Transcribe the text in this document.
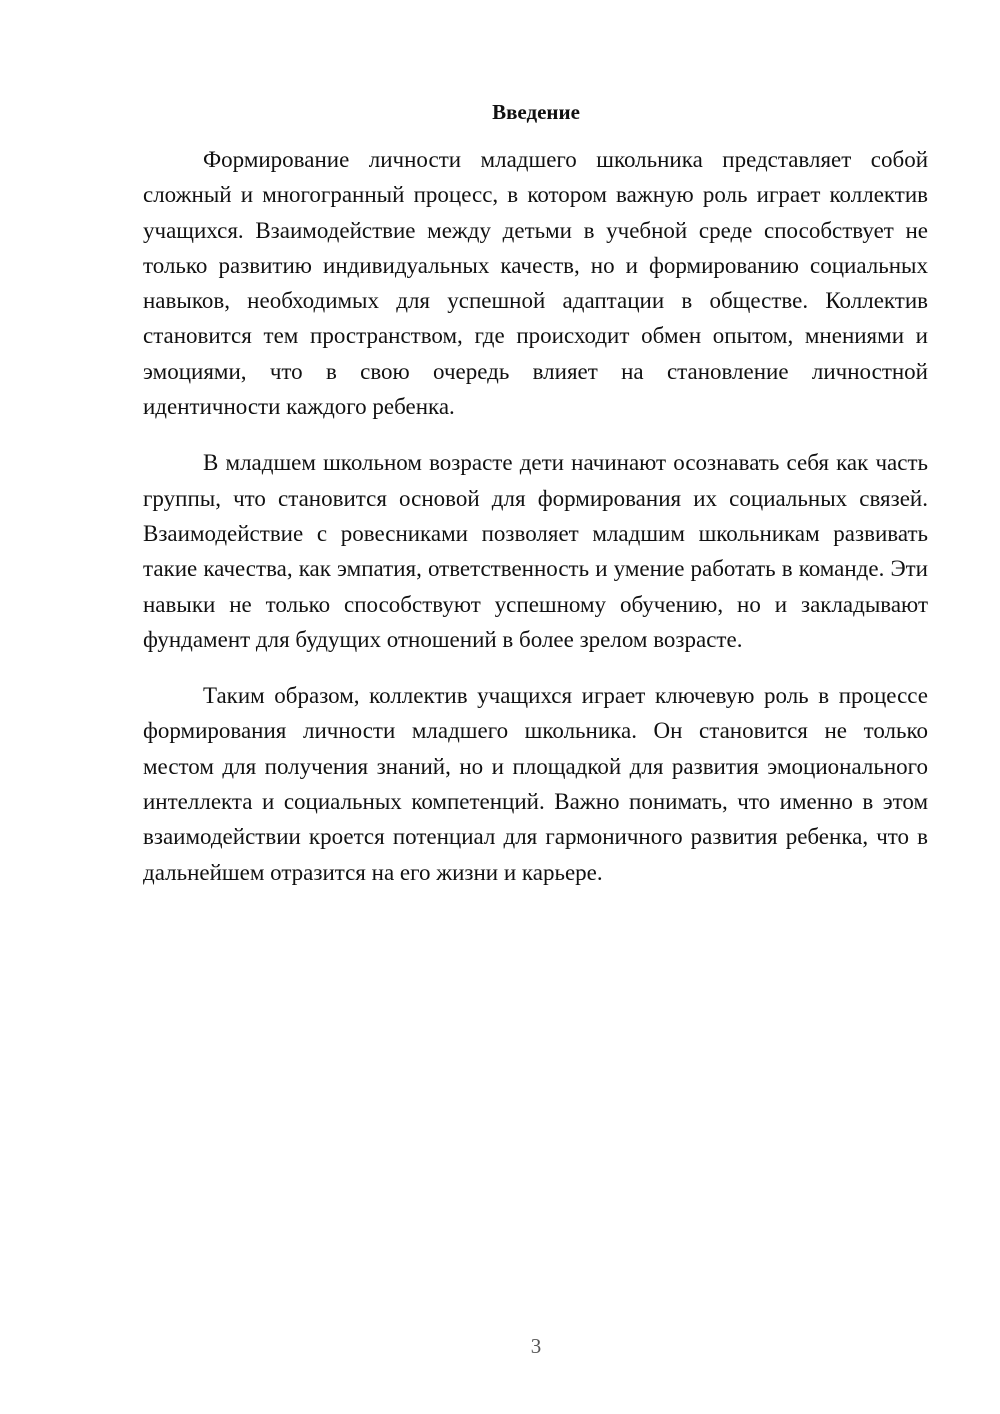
Введение

Формирование личности младшего школьника представляет собой сложный и многогранный процесс, в котором важную роль играет коллектив учащихся. Взаимодействие между детьми в учебной среде способствует не только развитию индивидуальных качеств, но и формированию социальных навыков, необходимых для успешной адаптации в обществе. Коллектив становится тем пространством, где происходит обмен опытом, мнениями и эмоциями, что в свою очередь влияет на становление личностной идентичности каждого ребенка.

В младшем школьном возрасте дети начинают осознавать себя как часть группы, что становится основой для формирования их социальных связей. Взаимодействие с ровесниками позволяет младшим школьникам развивать такие качества, как эмпатия, ответственность и умение работать в команде. Эти навыки не только способствуют успешному обучению, но и закладывают фундамент для будущих отношений в более зрелом возрасте.

Таким образом, коллектив учащихся играет ключевую роль в процессе формирования личности младшего школьника. Он становится не только местом для получения знаний, но и площадкой для развития эмоционального интеллекта и социальных компетенций. Важно понимать, что именно в этом взаимодействии кроется потенциал для гармоничного развития ребенка, что в дальнейшем отразится на его жизни и карьере.

3
